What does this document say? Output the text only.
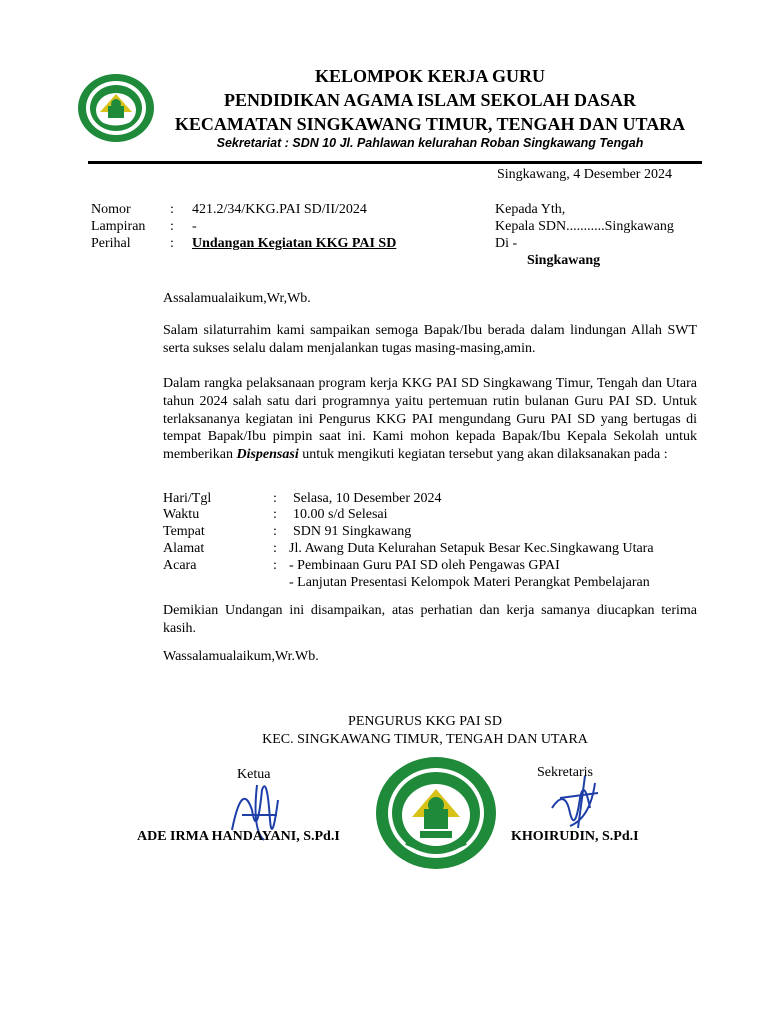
KELOMPOK KERJA GURU
PENDIDIKAN AGAMA ISLAM SEKOLAH DASAR
KECAMATAN SINGKAWANG TIMUR, TENGAH DAN UTARA
Sekretariat : SDN 10 Jl. Pahlawan kelurahan Roban Singkawang Tengah
Singkawang, 4 Desember 2024
Nomor	: 421.2/34/KKG.PAI SD/II/2024
Lampiran : -
Perihal	: Undangan Kegiatan KKG PAI SD
Kepada Yth,
Kepala SDN...........Singkawang
Di -
Singkawang
Assalamualaikum,Wr,Wb.
Salam silaturrahim kami sampaikan semoga Bapak/Ibu berada dalam lindungan Allah SWT serta sukses selalu dalam menjalankan tugas masing-masing,amin.
Dalam rangka pelaksanaan program kerja KKG PAI SD Singkawang Timur, Tengah dan Utara tahun 2024 salah satu dari programnya yaitu pertemuan rutin bulanan Guru PAI SD. Untuk terlaksananya kegiatan ini Pengurus KKG PAI mengundang Guru PAI SD yang bertugas di tempat Bapak/Ibu pimpin saat ini. Kami mohon kepada Bapak/Ibu Kepala Sekolah untuk memberikan Dispensasi untuk mengikuti kegiatan tersebut yang akan dilaksanakan pada :
Hari/Tgl	: Selasa, 10 Desember 2024
Waktu	: 10.00 s/d Selesai
Tempat	: SDN 91 Singkawang
Alamat	: Jl. Awang Duta Kelurahan Setapuk Besar Kec.Singkawang Utara
Acara	: - Pembinaan Guru PAI SD oleh Pengawas GPAI
- Lanjutan Presentasi Kelompok Materi Perangkat Pembelajaran
Demikian Undangan ini disampaikan, atas perhatian dan kerja samanya diucapkan terima kasih.
Wassalamualaikum,Wr.Wb.
PENGURUS KKG PAI SD
KEC. SINGKAWANG TIMUR, TENGAH DAN UTARA
Ketua	Sekretaris
ADE IRMA HANDAYANI, S.Pd.I	KHOIRUDIN, S.Pd.I
